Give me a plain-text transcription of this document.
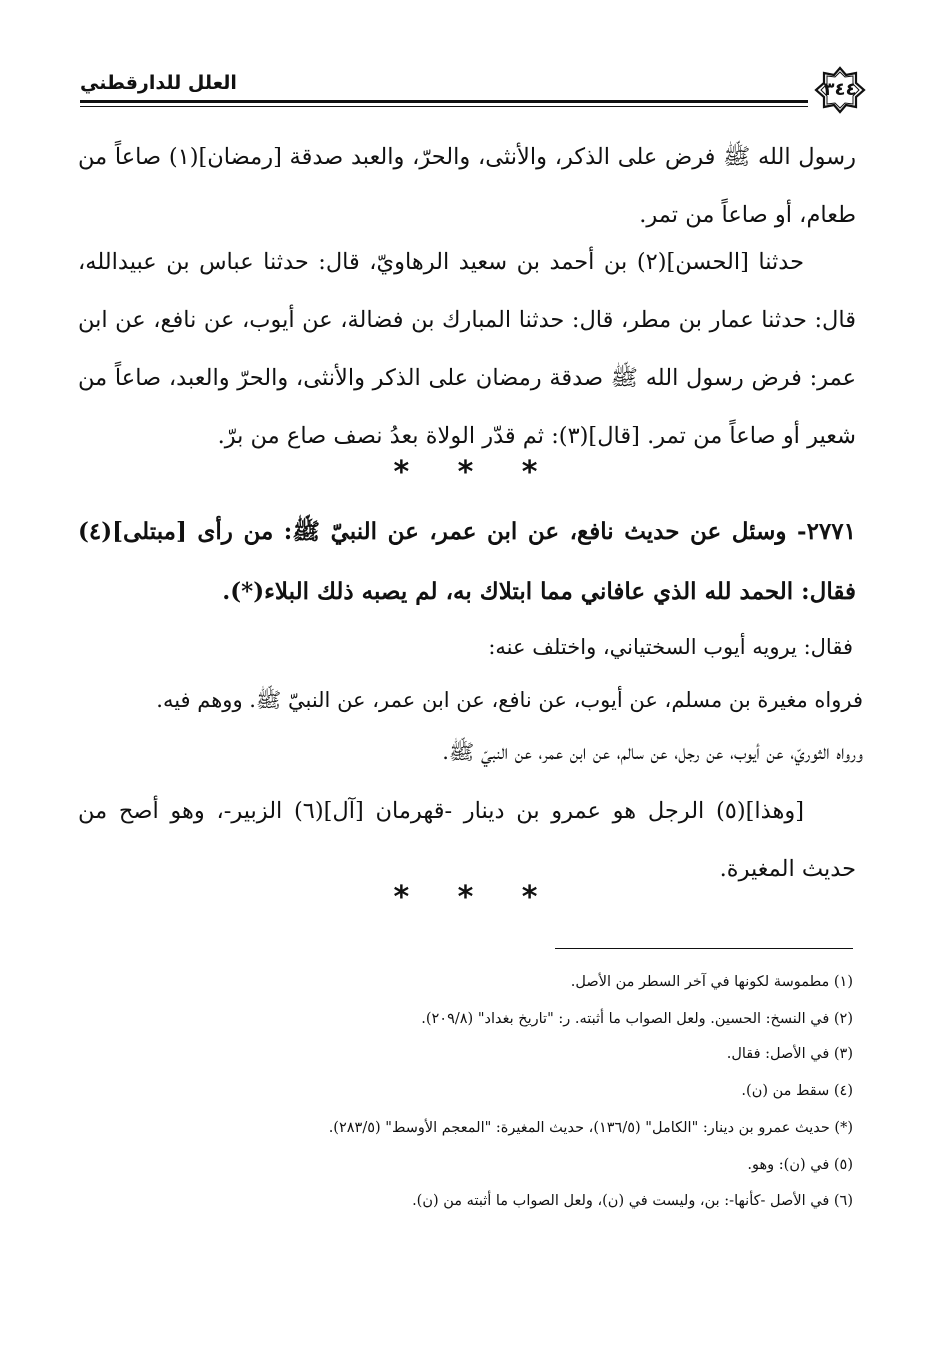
٣٤٤
العلل للدارقطني
رسول الله ﷺ فرض على الذكر، والأنثى، والحرّ، والعبد صدقة [رمضان](١) صاعاً من طعام، أو صاعاً من تمر.
حدثنا [الحسن](٢) بن أحمد بن سعيد الرهاويّ، قال: حدثنا عباس بن عبيدالله، قال: حدثنا عمار بن مطر، قال: حدثنا المبارك بن فضالة، عن أيوب، عن نافع، عن ابن عمر: فرض رسول الله ﷺ صدقة رمضان على الذكر والأنثى، والحرّ والعبد، صاعاً من شعير أو صاعاً من تمر. [قال](٣): ثم قدّر الولاة بعدُ نصف صاع من برّ.
* * *
٢٧٧١- وسئل عن حديث نافع، عن ابن عمر، عن النبيّ ﷺ: من رأى [مبتلى](٤) فقال: الحمد لله الذي عافاني مما ابتلاك به، لم يصبه ذلك البلاء(*).
فقال: يرويه أيوب السختياني، واختلف عنه:
فرواه مغيرة بن مسلم، عن أيوب، عن نافع، عن ابن عمر، عن النبيّ ﷺ. ووهم فيه.
ورواه الثوريّ، عن أيوب، عن رجل، عن سالم، عن ابن عمر، عن النبيّ ﷺ.
[وهذا](٥) الرجل هو عمرو بن دينار -قهرمان [آل](٦) الزبير-، وهو أصح من حديث المغيرة.
* * *
(١) مطموسة لكونها في آخر السطر من الأصل.
(٢) في النسخ: الحسين. ولعل الصواب ما أثبته. ر: "تاريخ بغداد" (٢٠٩/٨).
(٣) في الأصل: فقال.
(٤) سقط من (ن).
(*) حديث عمرو بن دينار: "الكامل" (١٣٦/٥)، حديث المغيرة: "المعجم الأوسط" (٢٨٣/٥).
(٥) في (ن): وهو.
(٦) في الأصل -كأنها-: بن، وليست في (ن)، ولعل الصواب ما أثبته من (ن).
